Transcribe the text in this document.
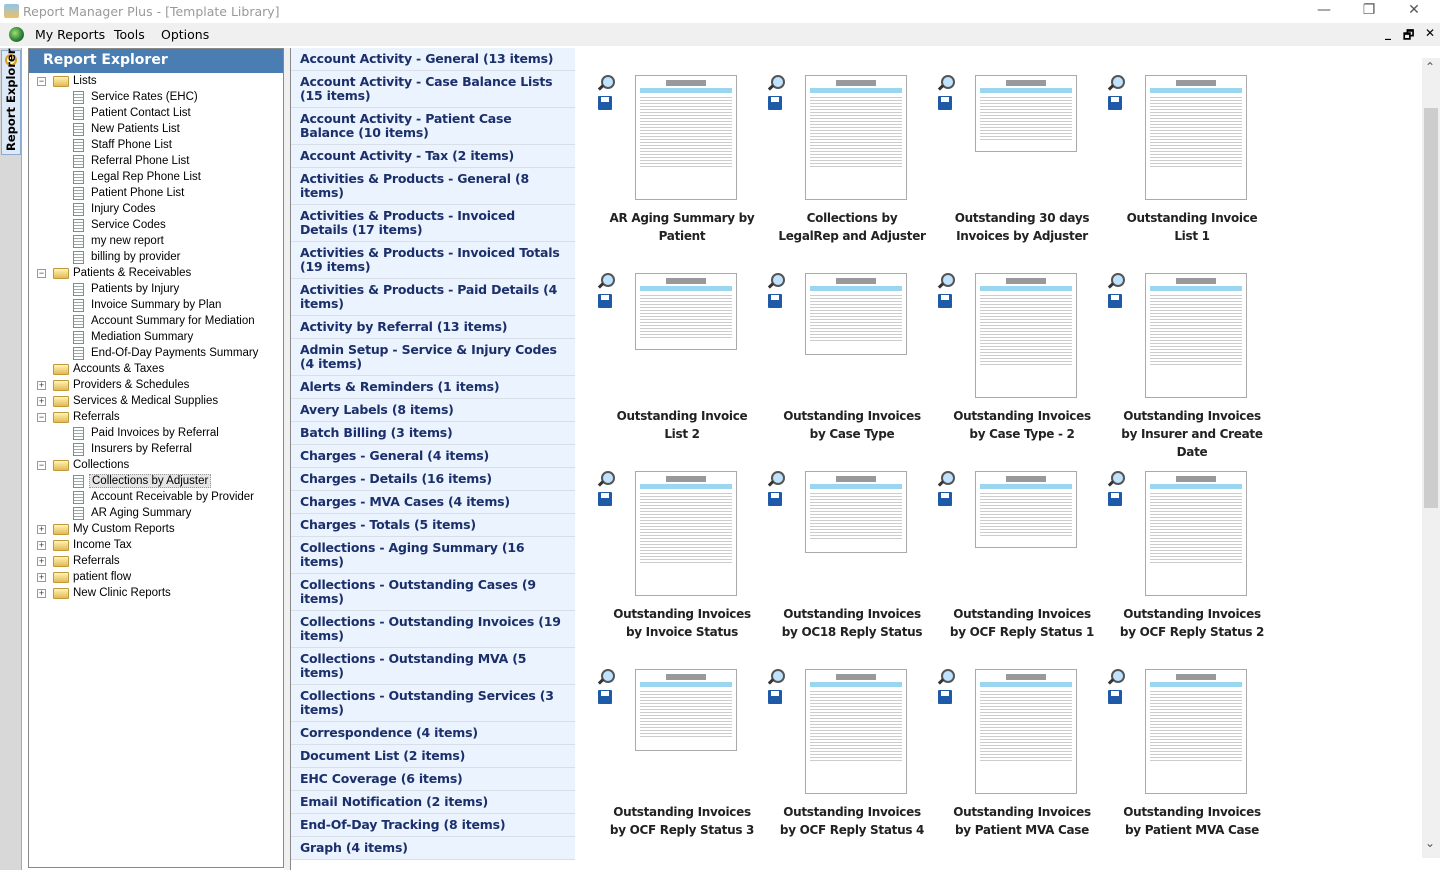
Report Manager Plus - [Template Library]	—	❐	✕
My Reports Tools Options	_ 🗗 ✕
Report Explorer	Report Explorer
−	Lists
Service Rates (EHC)
Patient Contact List
New Patients List
Staff Phone List
Referral Phone List
Legal Rep Phone List
Patient Phone List
Injury Codes
Service Codes
my new report
billing by provider
−	Patients & Receivables
Patients by Injury
Invoice Summary by Plan
Account Summary for Mediation
Mediation Summary
End-Of-Day Payments Summary
Accounts & Taxes
+	Providers & Schedules
+	Services & Medical Supplies
−	Referrals
Paid Invoices by Referral
Insurers by Referral
−	Collections
Collections by Adjuster
Account Receivable by Provider
AR Aging Summary
+	My Custom Reports
+	Income Tax
+	Referrals
+	patient flow
+	New Clinic Reports
Account Activity - General (13 items)
Account Activity - Case Balance Lists (15 items)
Account Activity - Patient Case Balance (10 items)
Account Activity - Tax (2 items)
Activities & Products - General (8 items)
Activities & Products - Invoiced Details (17 items)
Activities & Products - Invoiced Totals (19 items)
Activities & Products - Paid Details (4 items)
Activity by Referral (13 items)
Admin Setup - Service & Injury Codes (4 items)
Alerts & Reminders (1 items)
Avery Labels (8 items)
Batch Billing (3 items)
Charges - General (4 items)
Charges - Details (16 items)
Charges - MVA Cases (4 items)
Charges - Totals (5 items)
Collections - Aging Summary (16 items)
Collections - Outstanding Cases (9 items)
Collections - Outstanding Invoices (19 items)
Collections - Outstanding MVA (5 items)
Collections - Outstanding Services (3 items)
Correspondence (4 items)
Document List (2 items)
EHC Coverage (6 items)
Email Notification (2 items)
End-Of-Day Tracking (8 items)
Graph (4 items)
AR Aging Summary by Patient
Collections by LegalRep and Adjuster
Outstanding 30 days Invoices by Adjuster
Outstanding Invoice List 1
Outstanding Invoice List 2
Outstanding Invoices by Case Type
Outstanding Invoices by Case Type - 2
Outstanding Invoices by Insurer and Create Date
Outstanding Invoices by Invoice Status
Outstanding Invoices by OC18 Reply Status
Outstanding Invoices by OCF Reply Status 1
Outstanding Invoices by OCF Reply Status 2
Outstanding Invoices by OCF Reply Status 3
Outstanding Invoices by OCF Reply Status 4
Outstanding Invoices by Patient MVA Case
Outstanding Invoices by Patient MVA Case
⌃
⌄
